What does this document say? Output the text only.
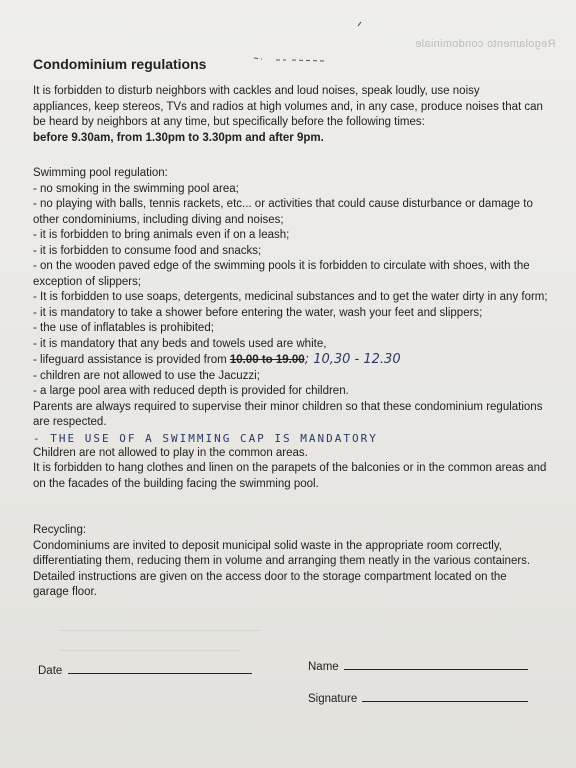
Regolamento condominiale
Condominium regulations
It is forbidden to disturb neighbors with cackles and loud noises, speak loudly, use noisy
appliances, keep stereos, TVs and radios at high volumes and, in any case, produce noises that can
be heard by neighbors at any time, but specifically before the following times:
before 9.30am, from 1.30pm to 3.30pm and after 9pm.
Swimming pool regulation:
- no smoking in the swimming pool area;
- no playing with balls, tennis rackets, etc... or activities that could cause disturbance or damage to other condominiums, including diving and noises;
- it is forbidden to bring animals even if on a leash;
- it is forbidden to consume food and snacks;
- on the wooden paved edge of the swimming pools it is forbidden to circulate with shoes, with the exception of slippers;
- It is forbidden to use soaps, detergents, medicinal substances and to get the water dirty in any form;
- it is mandatory to take a shower before entering the water, wash your feet and slippers;
- the use of inflatables is prohibited;
- it is mandatory that any beds and towels used are white,
- lifeguard assistance is provided from 10.00 to 19.00; 10,30 - 12.30
- children are not allowed to use the Jacuzzi;
- a large pool area with reduced depth is provided for children.
Parents are always required to supervise their minor children so that these condominium regulations are respected.
- THE USE OF A SWIMMING CAP IS MANDATORY
Children are not allowed to play in the common areas.
It is forbidden to hang clothes and linen on the parapets of the balconies or in the common areas and on the facades of the building facing the swimming pool.
Recycling:
Condominiums are invited to deposit municipal solid waste in the appropriate room correctly, differentiating them, reducing them in volume and arranging them neatly in the various containers.
Detailed instructions are given on the access door to the storage compartment located on the garage floor.
Date	Name
Signature
